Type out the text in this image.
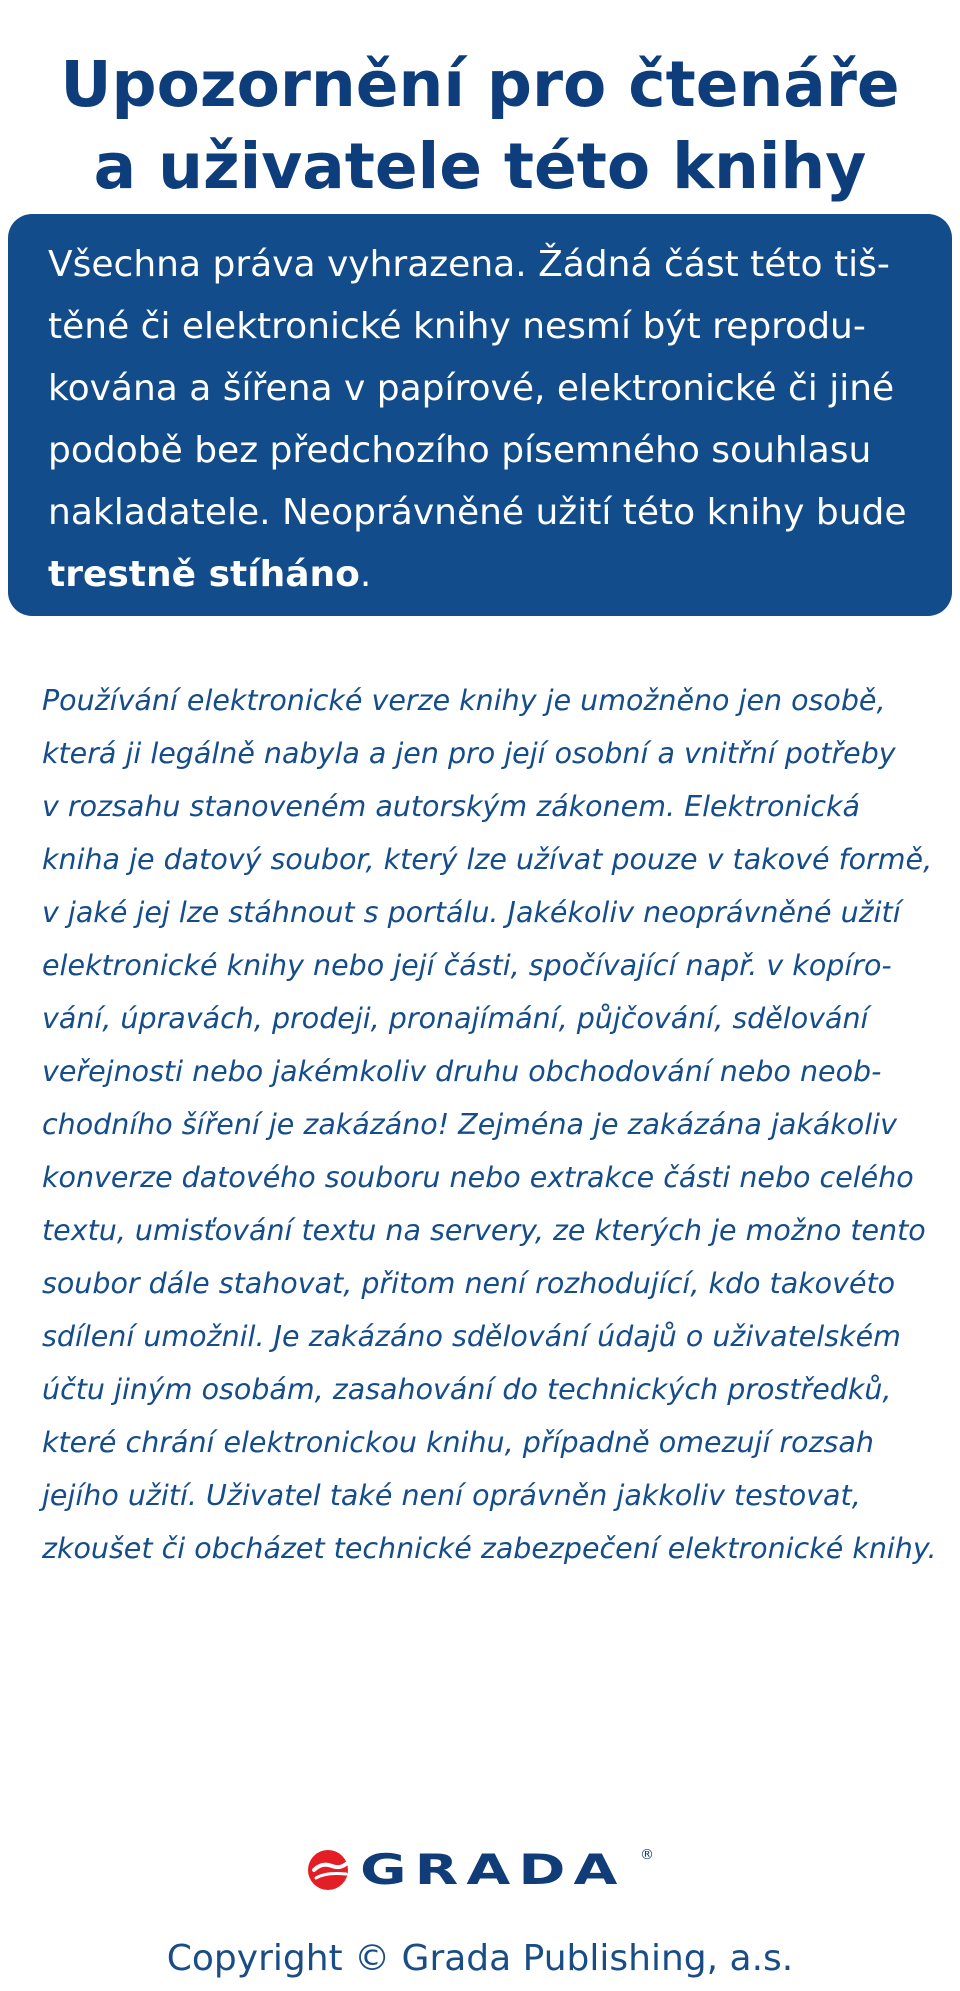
Upozornění pro čtenáře
a uživatele této knihy
Všechna práva vyhrazena. Žádná část této tiš-
těné či elektronické knihy nesmí být reprodu-
kována a šířena v papírové, elektronické či jiné
podobě bez předchozího písemného souhlasu
nakladatele. Neoprávněné užití této knihy bude
trestně stíháno.
Používání elektronické verze knihy je umožněno jen osobě,
která ji legálně nabyla a jen pro její osobní a vnitřní potřeby
v rozsahu stanoveném autorským zákonem. Elektronická
kniha je datový soubor, který lze užívat pouze v takové formě,
v jaké jej lze stáhnout s portálu. Jakékoliv neoprávněné užití
elektronické knihy nebo její části, spočívající např. v kopíro-
vání, úpravách, prodeji, pronajímání, půjčování, sdělování
veřejnosti nebo jakémkoliv druhu obchodování nebo neob-
chodního šíření je zakázáno! Zejména je zakázána jakákoliv
konverze datového souboru nebo extrakce části nebo celého
textu, umisťování textu na servery, ze kterých je možno tento
soubor dále stahovat, přitom není rozhodující, kdo takovéto
sdílení umožnil. Je zakázáno sdělování údajů o uživatelském
účtu jiným osobám, zasahování do technických prostředků,
které chrání elektronickou knihu, případně omezují rozsah
jejího užití. Uživatel také není oprávněn jakkoliv testovat,
zkoušet či obcházet technické zabezpečení elektronické knihy.
GRADA ®
Copyright © Grada Publishing, a.s.
